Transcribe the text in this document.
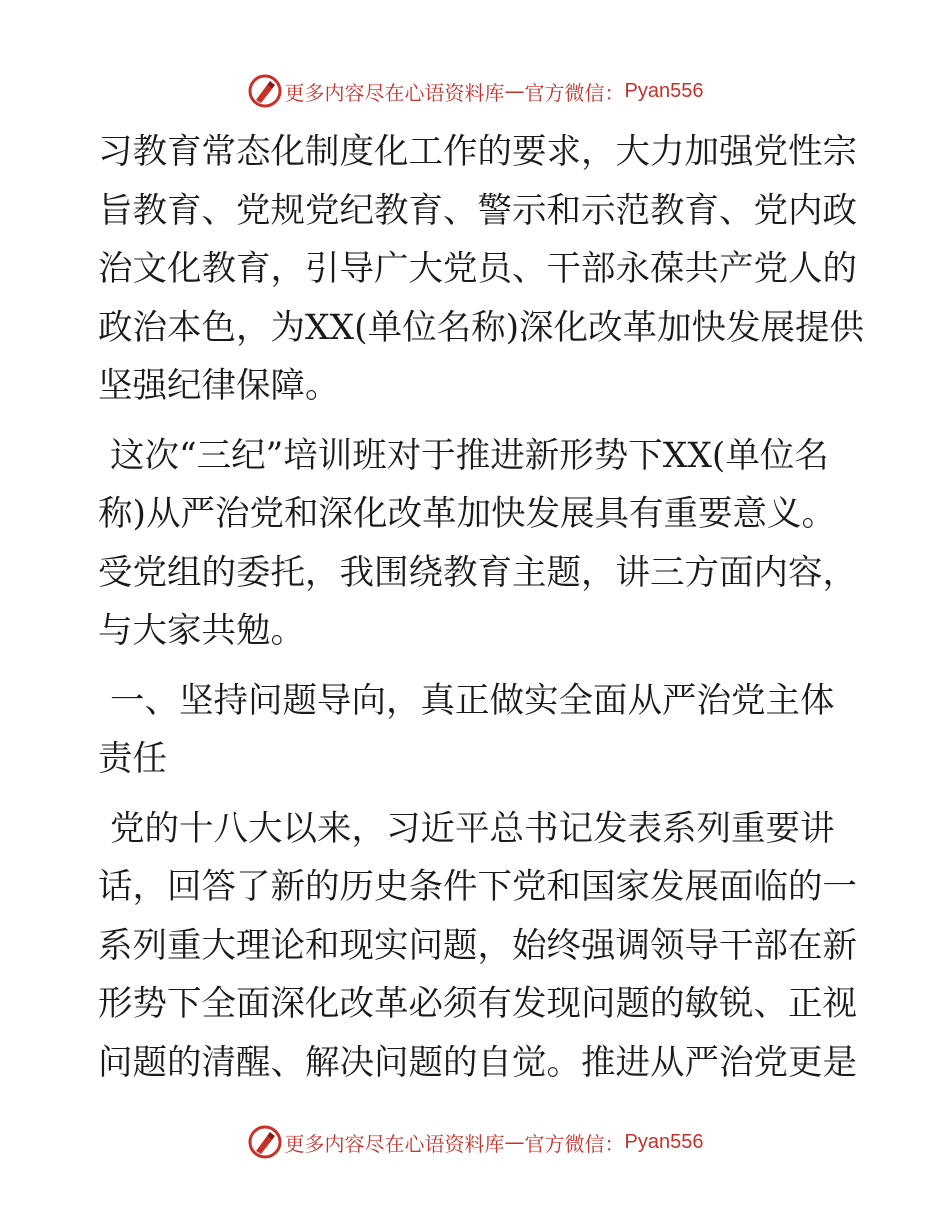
更多内容尽在心语资料库 — 官方微信： Pyan556

习教育常态化制度化工作的要求，大力加强党性宗
旨教育、党规党纪教育、警示和示范教育、党内政
治文化教育，引导广大党员、干部永葆共产党人的
政治本色，为XX(单位名称)深化改革加快发展提供
坚强纪律保障。

这次“三纪”培训班对于推进新形势下XX(单位名
称)从严治党和深化改革加快发展具有重要意义。
受党组的委托，我围绕教育主题，讲三方面内容，
与大家共勉。

一、坚持问题导向，真正做实全面从严治党主体
责任

党的十八大以来，习近平总书记发表系列重要讲
话，回答了新的历史条件下党和国家发展面临的一
系列重大理论和现实问题，始终强调领导干部在新
形势下全面深化改革必须有发现问题的敏锐、正视
问题的清醒、解决问题的自觉。推进从严治党更是

更多内容尽在心语资料库 — 官方微信： Pyan556
